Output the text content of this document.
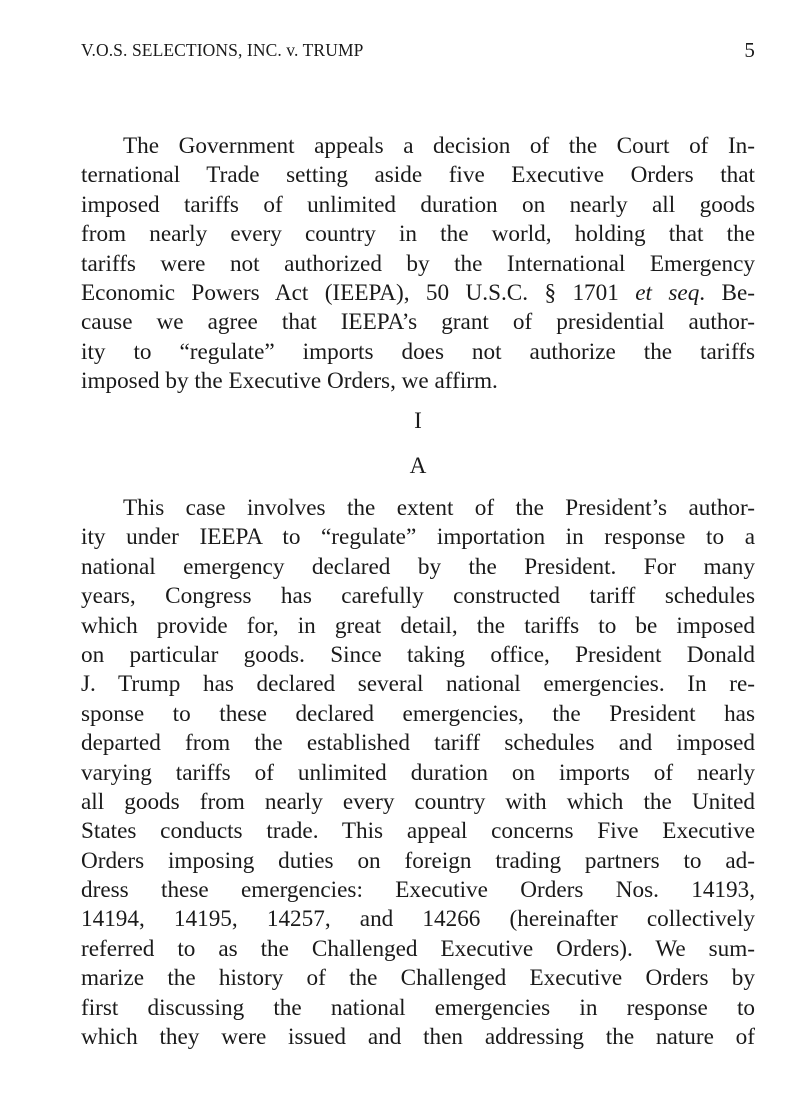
V.O.S. SELECTIONS, INC. v. TRUMP	5

The Government appeals a decision of the Court of In-
ternational Trade setting aside five Executive Orders that
imposed tariffs of unlimited duration on nearly all goods
from nearly every country in the world, holding that the
tariffs were not authorized by the International Emergency
Economic Powers Act (IEEPA), 50 U.S.C. § 1701 et seq. Be-
cause we agree that IEEPA’s grant of presidential author-
ity to “regulate” imports does not authorize the tariffs
imposed by the Executive Orders, we affirm.

I
A

This case involves the extent of the President’s author-
ity under IEEPA to “regulate” importation in response to a
national emergency declared by the President. For many
years, Congress has carefully constructed tariff schedules
which provide for, in great detail, the tariffs to be imposed
on particular goods. Since taking office, President Donald
J. Trump has declared several national emergencies. In re-
sponse to these declared emergencies, the President has
departed from the established tariff schedules and imposed
varying tariffs of unlimited duration on imports of nearly
all goods from nearly every country with which the United
States conducts trade. This appeal concerns Five Executive
Orders imposing duties on foreign trading partners to ad-
dress these emergencies: Executive Orders Nos. 14193,
14194, 14195, 14257, and 14266 (hereinafter collectively
referred to as the Challenged Executive Orders). We sum-
marize the history of the Challenged Executive Orders by
first discussing the national emergencies in response to
which they were issued and then addressing the nature of
